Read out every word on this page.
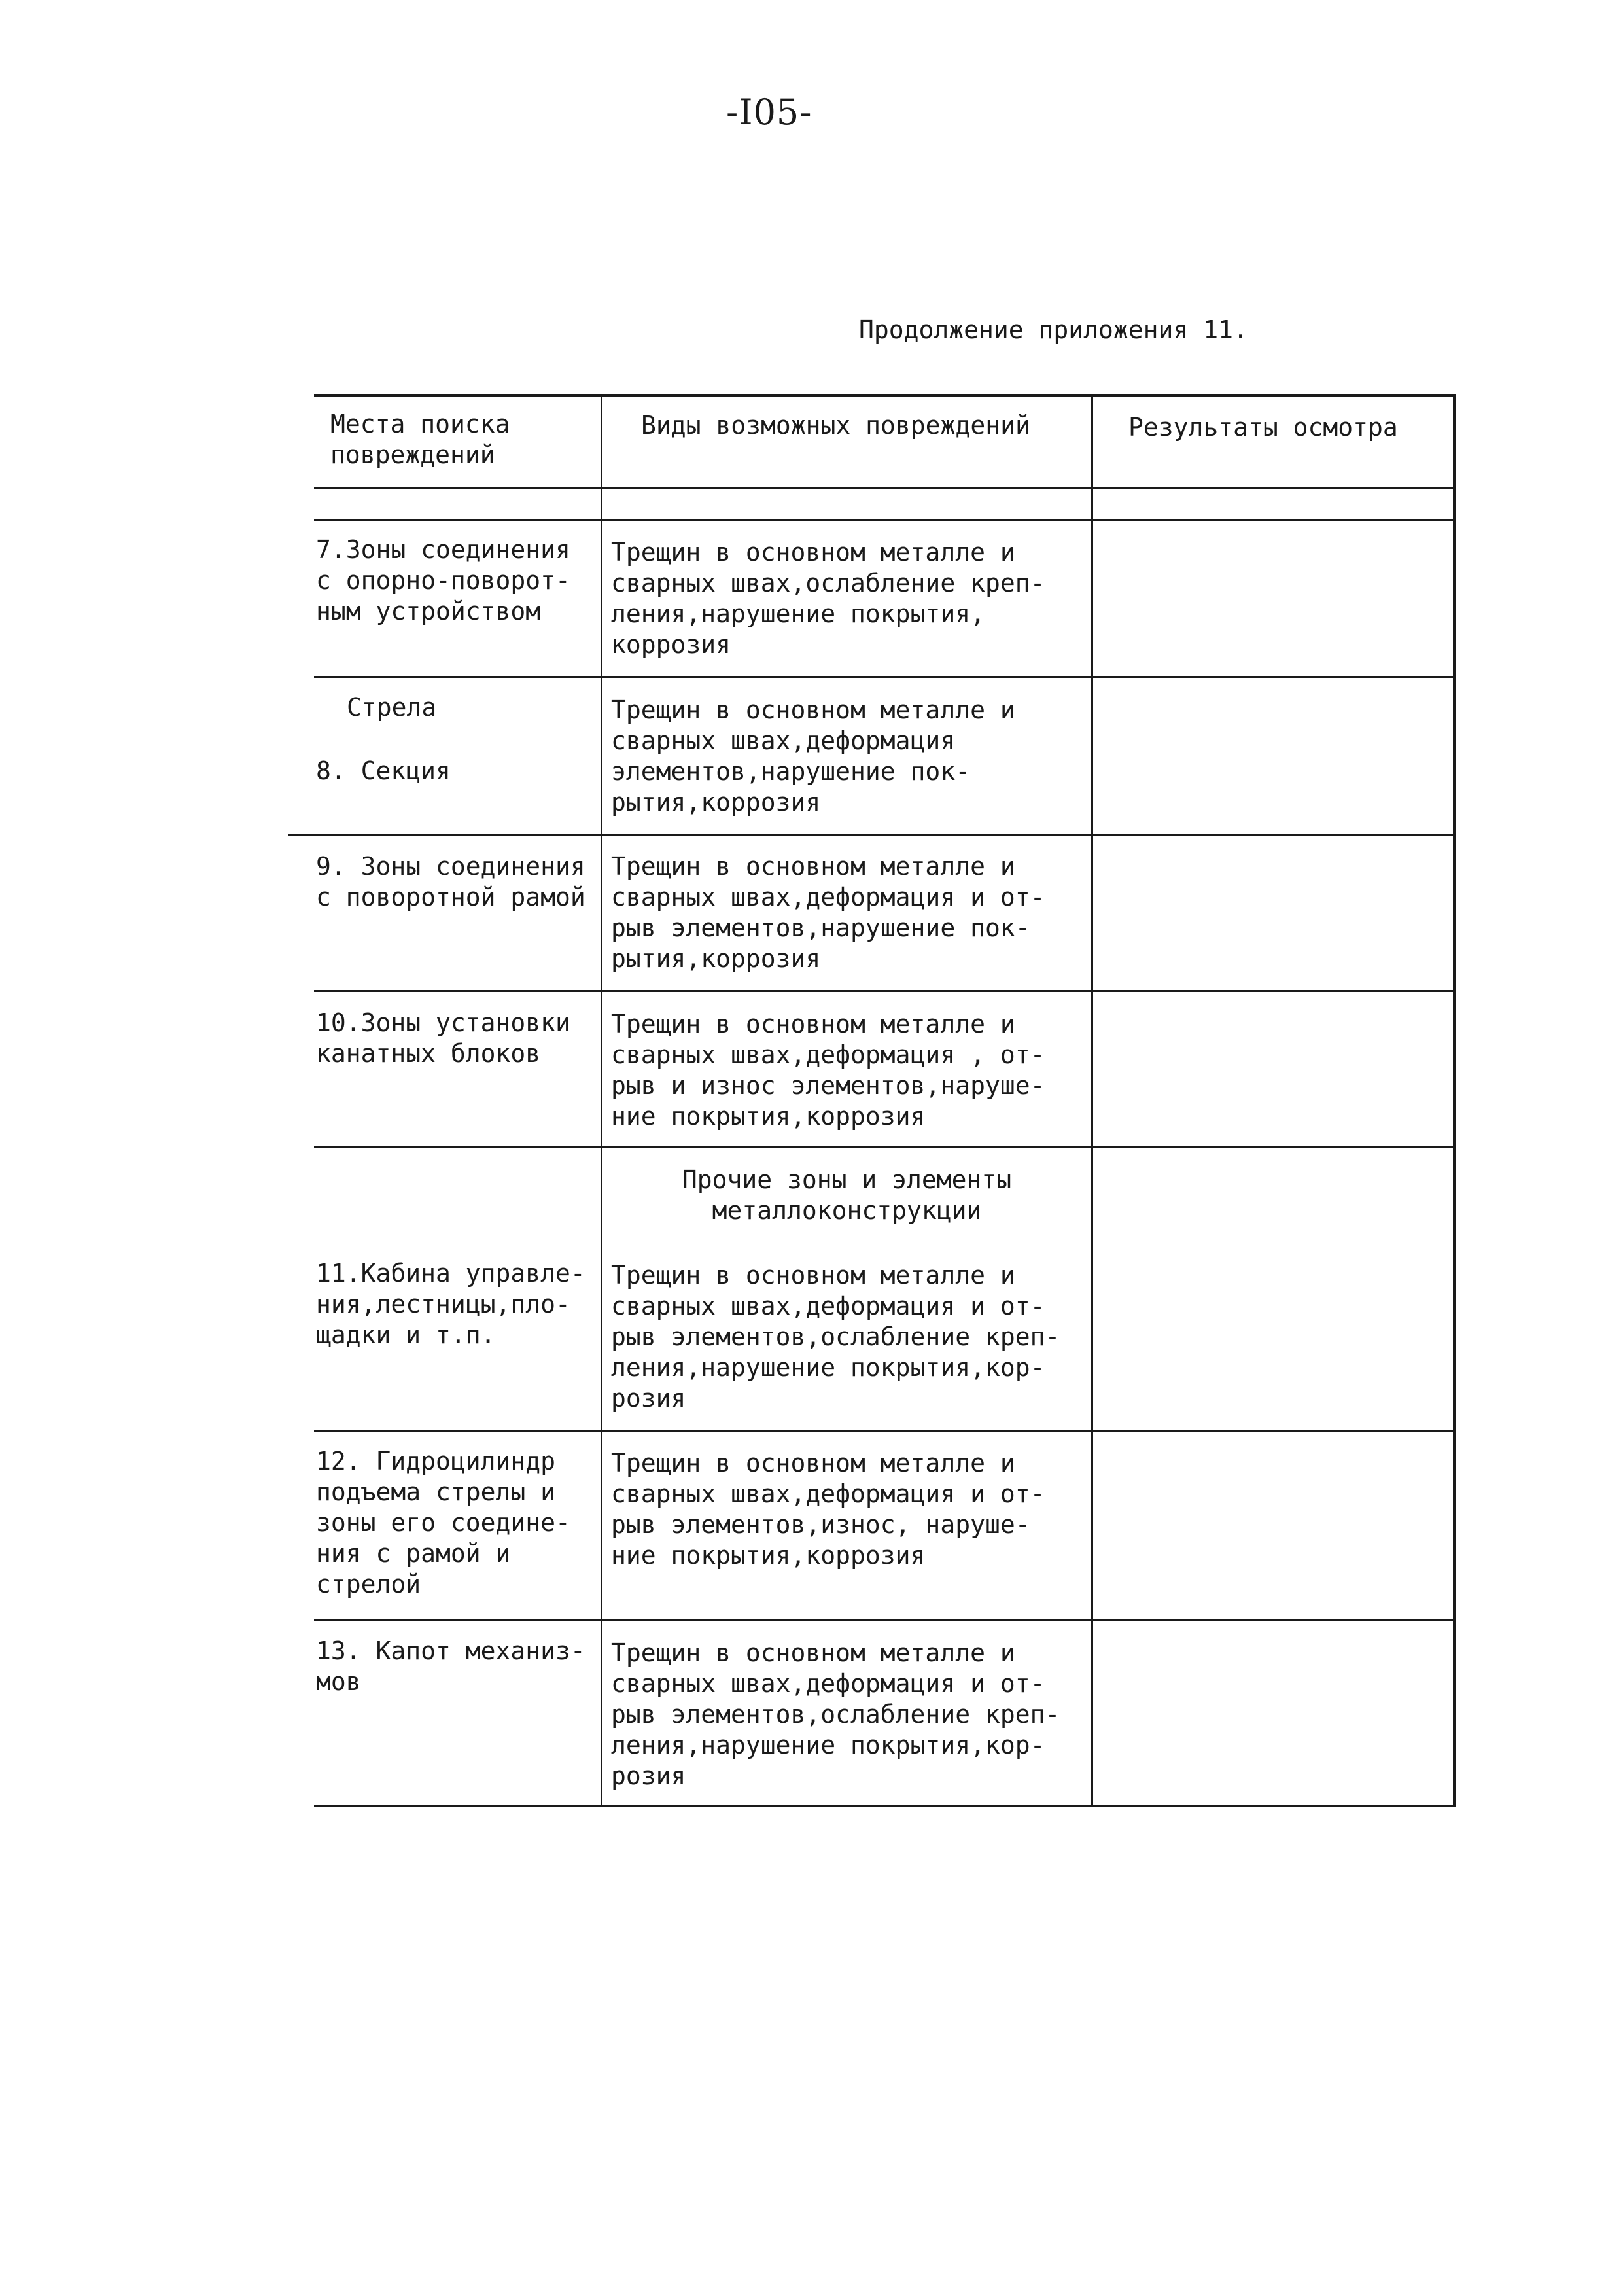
-I05-
Продолжение приложения 11.
Места поиска
повреждений
Виды возможных повреждений	Результаты осмотра
7.Зоны соединения
с опорно-поворот-
ным устройством
Трещин в основном металле и
сварных швах,ослабление креп-
ления,нарушение покрытия,
коррозия
Стрела
8. Секция
Трещин в основном металле и
сварных швах,деформация
элементов,нарушение пок-
рытия,коррозия
9. Зоны соединения
с поворотной рамой
Трещин в основном металле и
сварных швах,деформация и от-
рыв элементов,нарушение пок-
рытия,коррозия
10.Зоны установки
канатных блоков
Трещин в основном металле и
сварных швах,деформация , от-
рыв и износ элементов,наруше-
ние покрытия,коррозия
Прочие зоны и элементы
металлоконструкции
11.Кабина управле-
ния,лестницы,пло-
щадки и т.п.
Трещин в основном металле и
сварных швах,деформация и от-
рыв элементов,ослабление креп-
ления,нарушение покрытия,кор-
розия
12. Гидроцилиндр
подъема стрелы и
зоны его соедине-
ния с рамой и
стрелой
Трещин в основном металле и
сварных швах,деформация и от-
рыв элементов,износ, наруше-
ние покрытия,коррозия
13. Капот механиз-
мов
Трещин в основном металле и
сварных швах,деформация и от-
рыв элементов,ослабление креп-
ления,нарушение покрытия,кор-
розия
